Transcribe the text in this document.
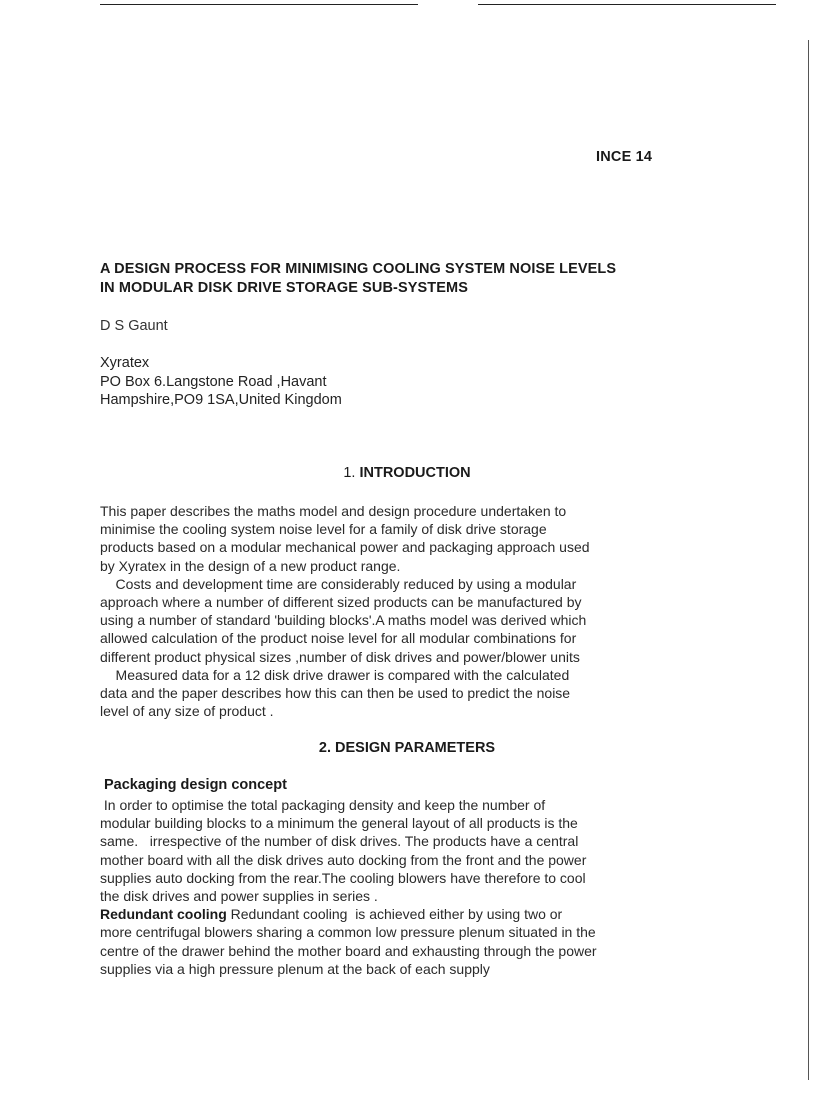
INCE 14
A DESIGN PROCESS FOR MINIMISING COOLING SYSTEM NOISE LEVELS
IN MODULAR DISK DRIVE STORAGE SUB-SYSTEMS
D S Gaunt
Xyratex
PO Box 6.Langstone Road ,Havant
Hampshire,PO9 1SA,United Kingdom
1. INTRODUCTION
This paper describes the maths model and design procedure undertaken to
minimise the cooling system noise level for a family of disk drive storage
products based on a modular mechanical power and packaging approach used
by Xyratex in the design of a new product range.
Costs and development time are considerably reduced by using a modular
approach where a number of different sized products can be manufactured by
using a number of standard 'building blocks'.A maths model was derived which
allowed calculation of the product noise level for all modular combinations for
different product physical sizes ,number of disk drives and power/blower units
Measured data for a 12 disk drive drawer is compared with the calculated
data and the paper describes how this can then be used to predict the noise
level of any size of product .
2. DESIGN PARAMETERS
Packaging design concept
In order to optimise the total packaging density and keep the number of
modular building blocks to a minimum the general layout of all products is the
same.   irrespective of the number of disk drives. The products have a central
mother board with all the disk drives auto docking from the front and the power
supplies auto docking from the rear.The cooling blowers have therefore to cool
the disk drives and power supplies in series .
Redundant cooling Redundant cooling  is achieved either by using two or
more centrifugal blowers sharing a common low pressure plenum situated in the
centre of the drawer behind the mother board and exhausting through the power
supplies via a high pressure plenum at the back of each supply
